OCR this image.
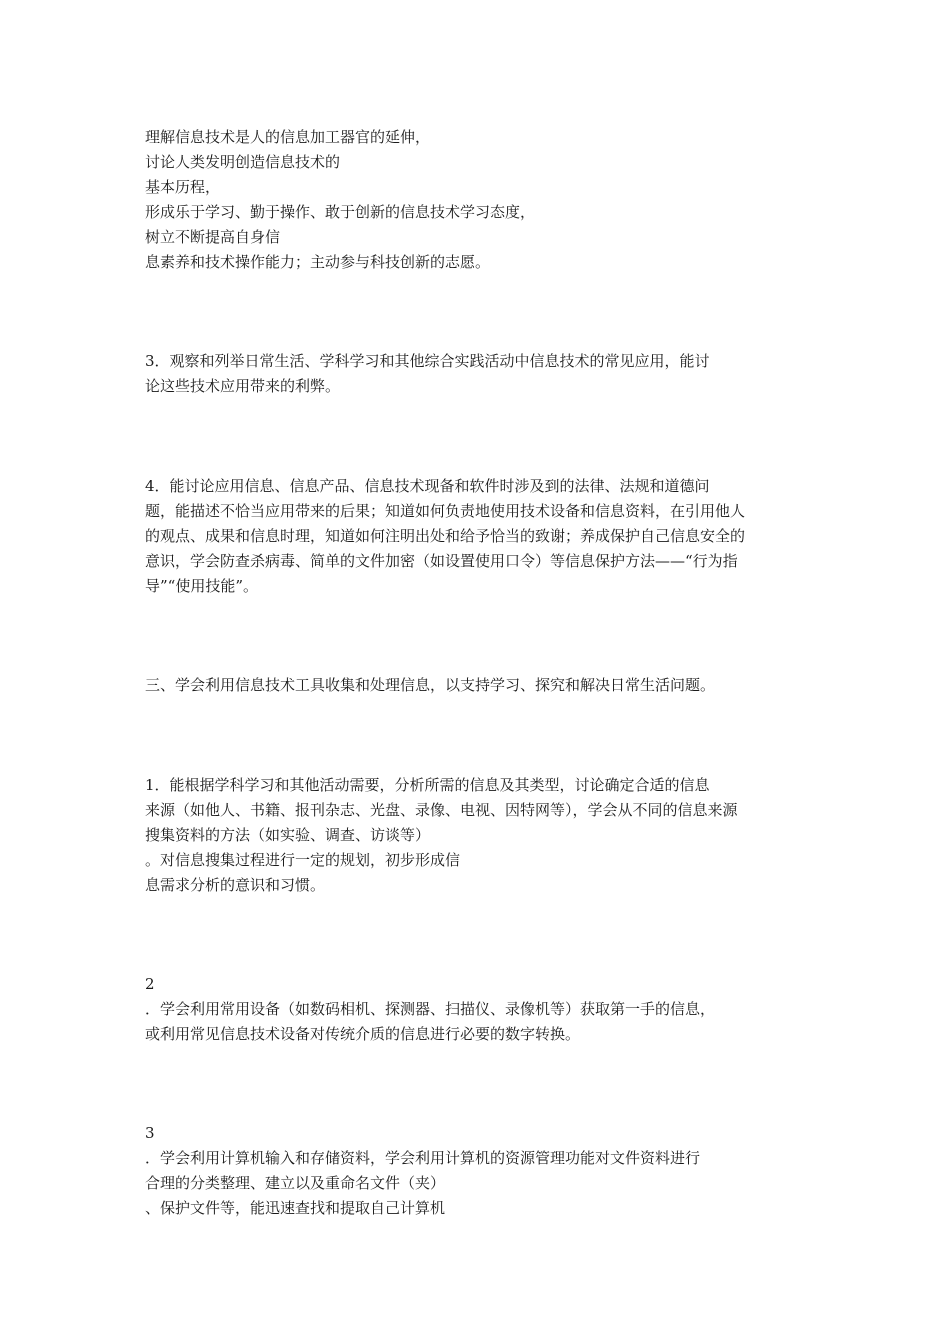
理解信息技术是人的信息加工器官的延伸，
讨论人类发明创造信息技术的
基本历程，
形成乐于学习、勤于操作、敢于创新的信息技术学习态度，
树立不断提高自身信
息素养和技术操作能力；主动参与科技创新的志愿。
3．观察和列举日常生活、学科学习和其他综合实践活动中信息技术的常见应用，能讨
论这些技术应用带来的利弊。
4．能讨论应用信息、信息产品、信息技术现备和软件时涉及到的法律、法规和道德问
题，能描述不恰当应用带来的后果；知道如何负责地使用技术设备和信息资料，在引用他人
的观点、成果和信息时理，知道如何注明出处和给予恰当的致谢；养成保护自己信息安全的
意识，学会防查杀病毒、简单的文件加密（如设置使用口令）等信息保护方法——“行为指
导”“使用技能”。
三、学会利用信息技术工具收集和处理信息，以支持学习、探究和解决日常生活问题。
1．能根据学科学习和其他活动需要，分析所需的信息及其类型，讨论确定合适的信息
来源（如他人、书籍、报刊杂志、光盘、录像、电视、因特网等），学会从不同的信息来源
搜集资料的方法（如实验、调查、访谈等）
。对信息搜集过程进行一定的规划，初步形成信
息需求分析的意识和习惯。
2
．学会利用常用设备（如数码相机、探测器、扫描仪、录像机等）获取第一手的信息，
或利用常见信息技术设备对传统介质的信息进行必要的数字转换。
3
．学会利用计算机输入和存储资料，学会利用计算机的资源管理功能对文件资料进行
合理的分类整理、建立以及重命名文件（夹）
、保护文件等，能迅速查找和提取自己计算机
